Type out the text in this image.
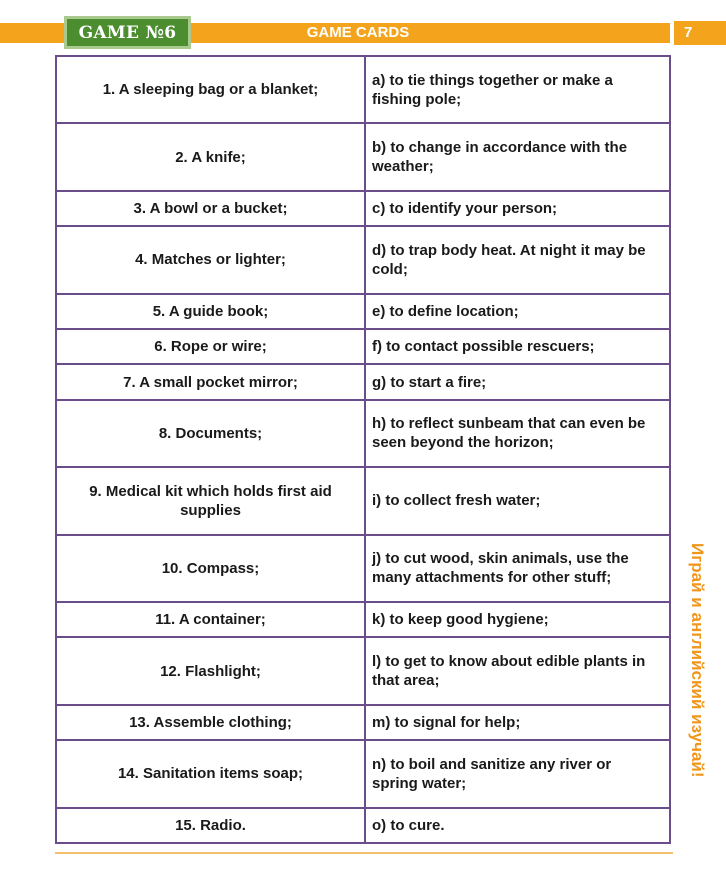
GAME №6	GAME CARDS	7
1. A sleeping bag or a blanket;	a) to tie things together or make a fishing pole;
2. A knife;	b) to change in accordance with the weather;
3. A bowl or a bucket;	c) to identify your person;
4. Matches or lighter;	d) to trap body heat. At night it may be cold;
5. A guide book;	e) to define location;
6. Rope or wire;	f) to contact possible rescuers;
7. A small pocket mirror;	g) to start a fire;
8. Documents;	h) to reflect sunbeam that can even be seen beyond the horizon;
9. Medical kit which holds first aid supplies	i) to collect fresh water;
10. Compass;	j) to cut wood, skin animals, use the many attachments for other stuff;
11. A container;	k) to keep good hygiene;
12. Flashlight;	l) to get to know about edible plants in that area;
13. Assemble clothing;	m) to signal for help;
14. Sanitation items soap;	n) to boil and sanitize any river or spring water;
15. Radio.	o) to cure.
Играй и английский изучай!
